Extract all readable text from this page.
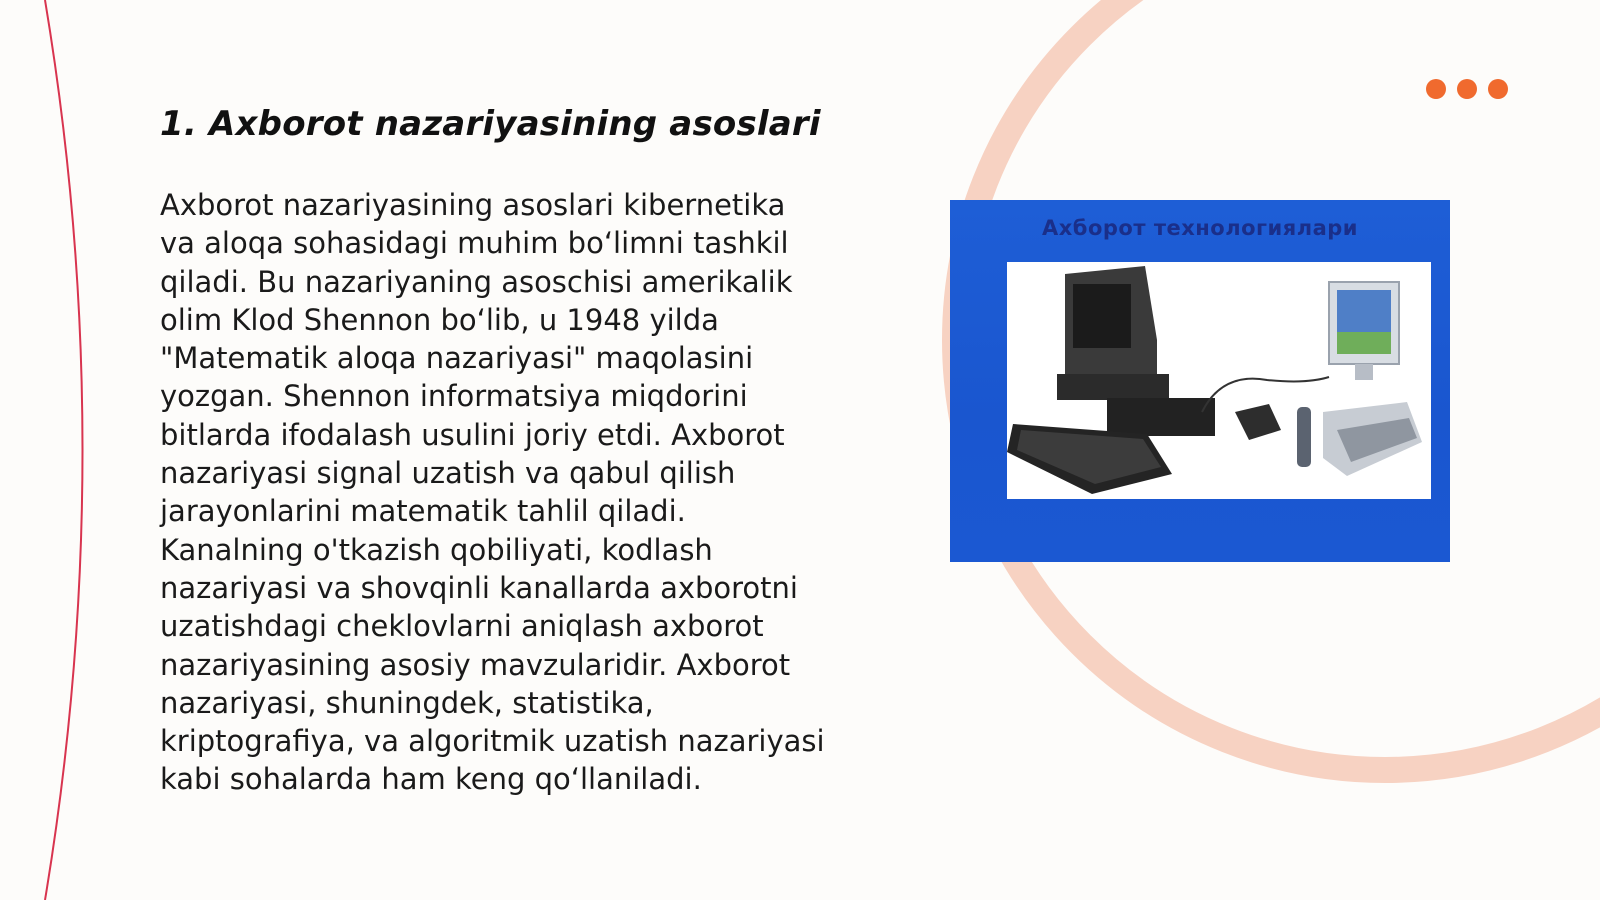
1. Axborot nazariyasining asoslari

Axborot nazariyasining asoslari kibernetika
va aloqa sohasidagi muhim bo‘limni tashkil
qiladi. Bu nazariyaning asoschisi amerikalik
olim Klod Shennon bo‘lib, u 1948 yilda
"Matematik aloqa nazariyasi" maqolasini
yozgan. Shennon informatsiya miqdorini
bitlarda ifodalash usulini joriy etdi. Axborot
nazariyasi signal uzatish va qabul qilish
jarayonlarini matematik tahlil qiladi.
Kanalning o'tkazish qobiliyati, kodlash
nazariyasi va shovqinli kanallarda axborotni
uzatishdagi cheklovlarni aniqlash axborot
nazariyasining asosiy mavzularidir. Axborot
nazariyasi, shuningdek, statistika,
kriptografiya, va algoritmik uzatish nazariyasi
kabi sohalarda ham keng qo‘llaniladi.

Ахборот технологиялари
